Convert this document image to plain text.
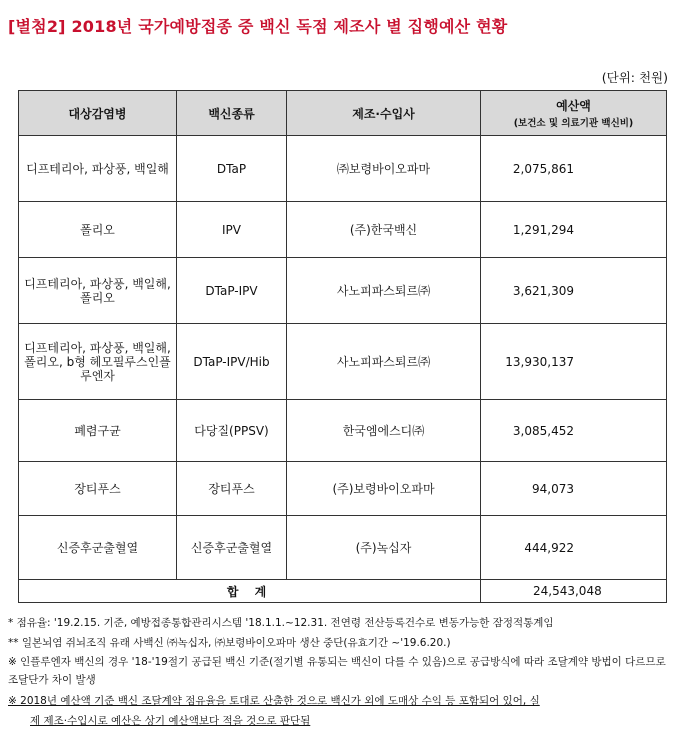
[별첨2] 2018년 국가예방접종 중 백신 독점 제조사 별 집행예산 현황
(단위: 천원)
대상감염병	백신종류	제조·수입사	예산액
(보건소 및 의료기관 백신비)

디프테리아, 파상풍, 백일해	DTaP	㈜보령바이오파마	2,075,861
폴리오	IPV	(주)한국백신	1,291,294
디프테리아, 파상풍, 백일해, 폴리오	DTaP-IPV	사노피파스퇴르㈜	3,621,309
디프테리아, 파상풍, 백일해, 폴리오, b형 헤모필루스인플루엔자	DTaP-IPV/Hib	사노피파스퇴르㈜	13,930,137
폐렴구균	다당질(PPSV)	한국엠에스디㈜	3,085,452
장티푸스	장티푸스	(주)보령바이오파마	94,073
신증후군출혈열	신증후군출혈열	(주)녹십자	444,922
합 계			24,543,048
* 점유율: '19.2.15. 기준, 예방접종통합관리시스템 '18.1.1.~12.31. 전연령 전산등록건수로 변동가능한 잠정적통계임
** 일본뇌염 쥐뇌조직 유래 사백신 ㈜녹십자, ㈜보령바이오파마 생산 중단(유효기간 ~'19.6.20.)
※ 인플루엔자 백신의 경우 '18-'19절기 공급된 백신 기준(절기별 유통되는 백신이 다를 수 있음)으로 공급방식에 따라 조달계약 방법이 다르므로 조달단가 차이 발생
※ 2018년 예산액 기준 백신 조달계약 점유율을 토대로 산출한 것으로 백신가 외에 도매상 수익 등 포함되어 있어, 실
제 제조·수입시로 예산은 상기 예산액보다 적을 것으로 판단됨
